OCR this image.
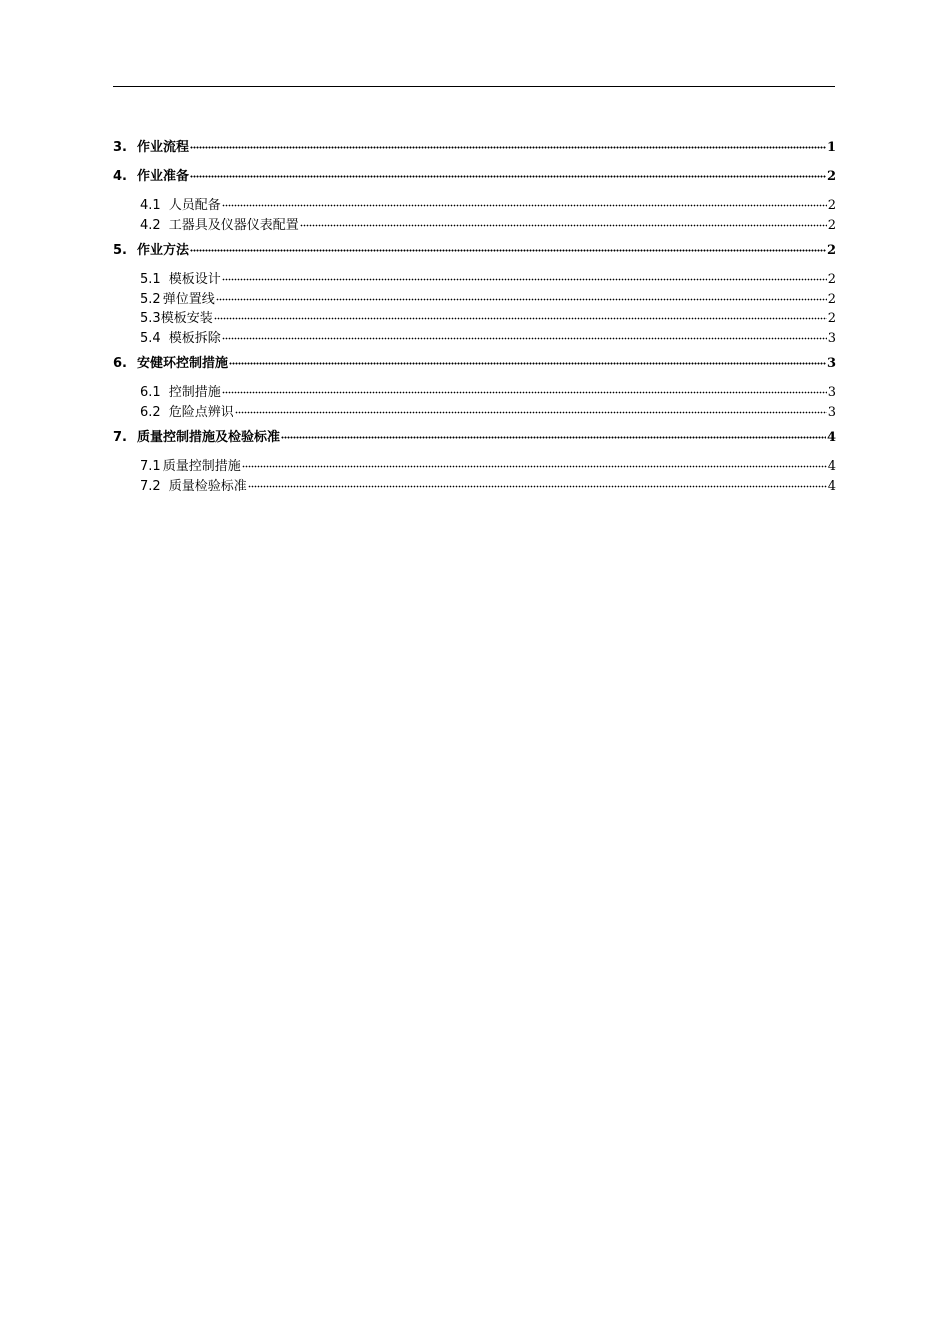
3. 作业流程	1
4. 作业准备	2
4.1 人员配备	2
4.2 工器具及仪器仪表配置	2
5. 作业方法	2
5.1 模板设计	2
5.2 弹位置线	2
5.3 模板安装	2
5.4 模板拆除	3
6. 安健环控制措施	3
6.1 控制措施	3
6.2 危险点辨识	3
7. 质量控制措施及检验标准	4
7.1 质量控制措施	4
7.2 质量检验标准	4
